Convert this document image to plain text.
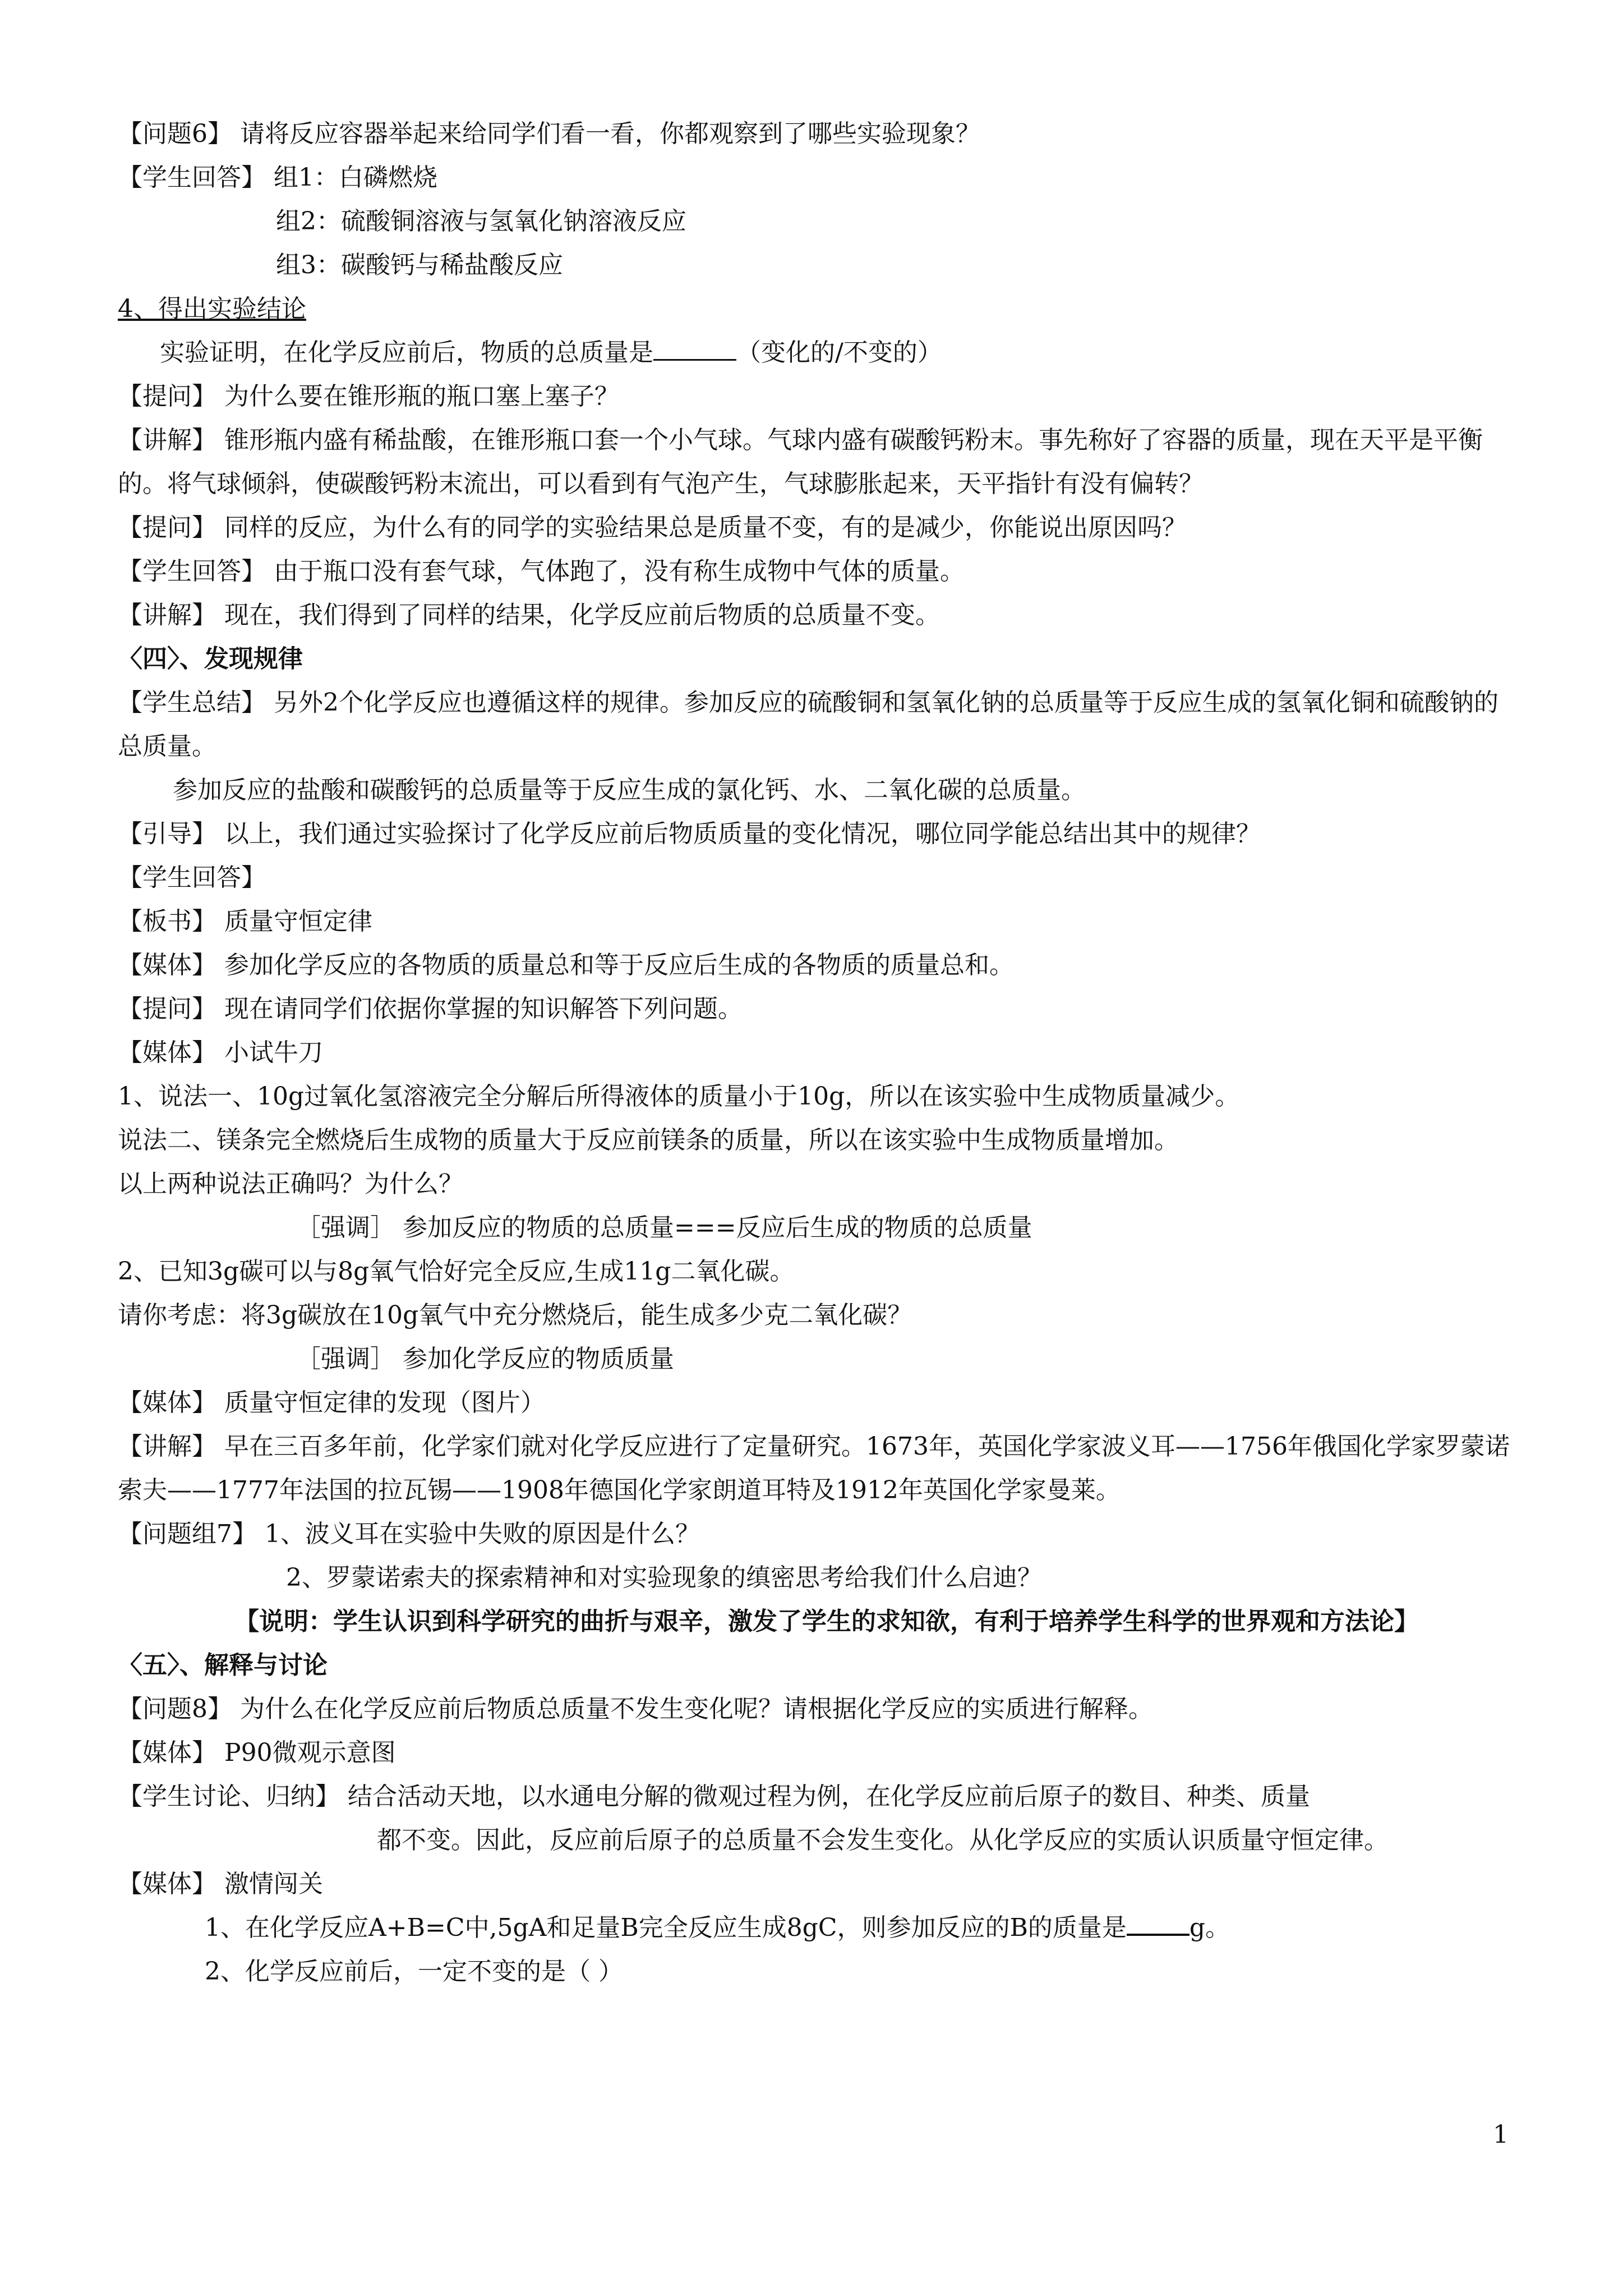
【问题6】 请将反应容器举起来给同学们看一看，你都观察到了哪些实验现象？
【学生回答】 组1：白磷燃烧
组2：硫酸铜溶液与氢氧化钠溶液反应
组3：碳酸钙与稀盐酸反应
4、得出实验结论
实验证明，在化学反应前后，物质的总质量是	（变化的/不变的）
【提问】 为什么要在锥形瓶的瓶口塞上塞子？
【讲解】 锥形瓶内盛有稀盐酸，在锥形瓶口套一个小气球。气球内盛有碳酸钙粉末。事先称好了容器的质量，现在天平是平衡的。将气球倾斜，使碳酸钙粉末流出，可以看到有气泡产生，气球膨胀起来，天平指针有没有偏转？
【提问】 同样的反应，为什么有的同学的实验结果总是质量不变，有的是减少，你能说出原因吗？
【学生回答】 由于瓶口没有套气球，气体跑了，没有称生成物中气体的质量。
【讲解】 现在，我们得到了同样的结果，化学反应前后物质的总质量不变。
〈四〉、发现规律
【学生总结】 另外2个化学反应也遵循这样的规律。参加反应的硫酸铜和氢氧化钠的总质量等于反应生成的氢氧化铜和硫酸钠的总质量。
参加反应的盐酸和碳酸钙的总质量等于反应生成的氯化钙、水、二氧化碳的总质量。
【引导】 以上，我们通过实验探讨了化学反应前后物质质量的变化情况，哪位同学能总结出其中的规律？
【学生回答】
【板书】 质量守恒定律
【媒体】 参加化学反应的各物质的质量总和等于反应后生成的各物质的质量总和。
【提问】 现在请同学们依据你掌握的知识解答下列问题。
【媒体】 小试牛刀
1、说法一、10g过氧化氢溶液完全分解后所得液体的质量小于10g，所以在该实验中生成物质量减少。
说法二、镁条完全燃烧后生成物的质量大于反应前镁条的质量，所以在该实验中生成物质量增加。
以上两种说法正确吗？为什么？
［强调］ 参加反应的物质的总质量===反应后生成的物质的总质量
2、已知3g碳可以与8g氧气恰好完全反应,生成11g二氧化碳。
请你考虑：将3g碳放在10g氧气中充分燃烧后，能生成多少克二氧化碳？
［强调］ 参加化学反应的物质质量
【媒体】 质量守恒定律的发现（图片）
【讲解】 早在三百多年前，化学家们就对化学反应进行了定量研究。1673年，英国化学家波义耳——1756年俄国化学家罗蒙诺索夫——1777年法国的拉瓦锡——1908年德国化学家朗道耳特及1912年英国化学家曼莱。
【问题组7】 1、波义耳在实验中失败的原因是什么？
2、罗蒙诺索夫的探索精神和对实验现象的缜密思考给我们什么启迪？
【说明：学生认识到科学研究的曲折与艰辛，激发了学生的求知欲，有利于培养学生科学的世界观和方法论】
〈五〉、解释与讨论
【问题8】 为什么在化学反应前后物质总质量不发生变化呢？请根据化学反应的实质进行解释。
【媒体】 P90微观示意图
【学生讨论、归纳】 结合活动天地，以水通电分解的微观过程为例，在化学反应前后原子的数目、种类、质量
都不变。因此，反应前后原子的总质量不会发生变化。从化学反应的实质认识质量守恒定律。
【媒体】 激情闯关
1、在化学反应A+B=C中,5gA和足量B完全反应生成8gC，则参加反应的B的质量是	g。
2、化学反应前后，一定不变的是（ ）
1
